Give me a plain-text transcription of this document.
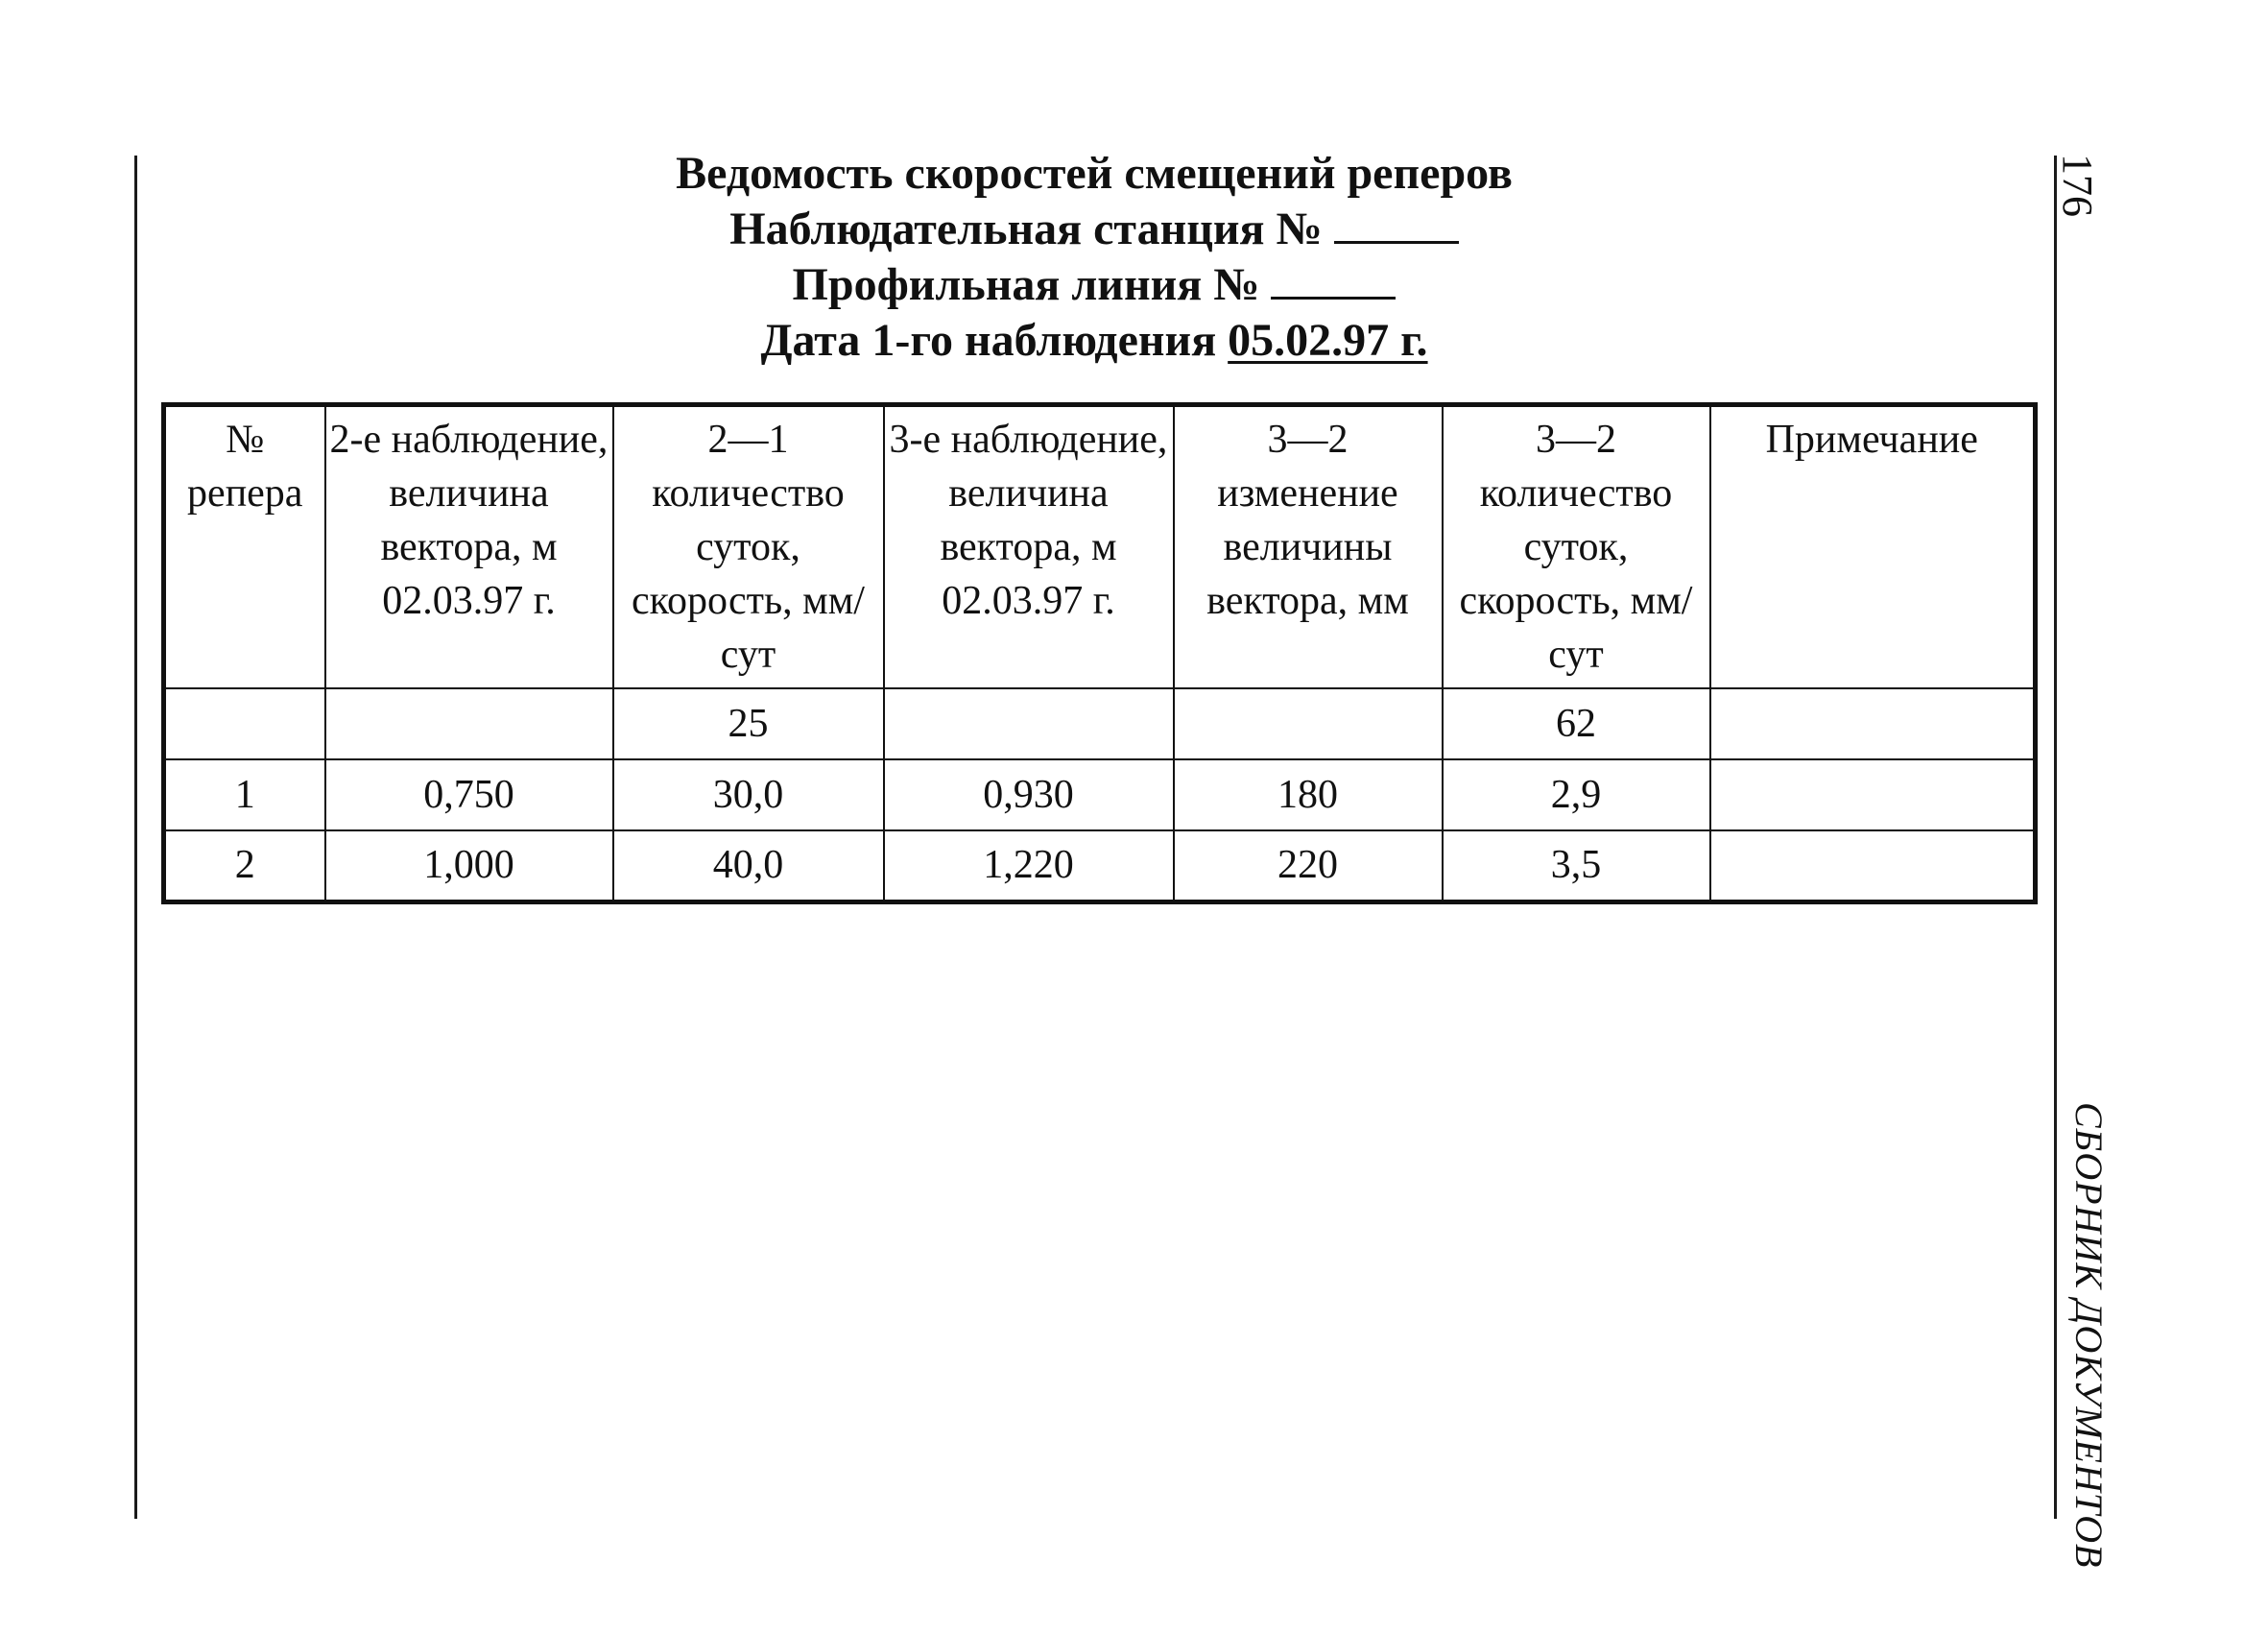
Ведомость скоростей смещений реперов
Наблюдательная станция №
Профильная линия №
Дата 1-го наблюдения 05.02.97 г.
№ репера	2-е наблюдение, величина вектора, м 02.03.97 г.	2—1 количество суток, скорость, мм/сут	3-е наблюдение, величина вектора, м 02.03.97 г.	3—2 изменение величины вектора, мм	3—2 количество суток, скорость, мм/сут	Примечание
		25			62	
1	0,750	30,0	0,930	180	2,9	
2	1,000	40,0	1,220	220	3,5	
176
СБОРНИК ДОКУМЕНТОВ
